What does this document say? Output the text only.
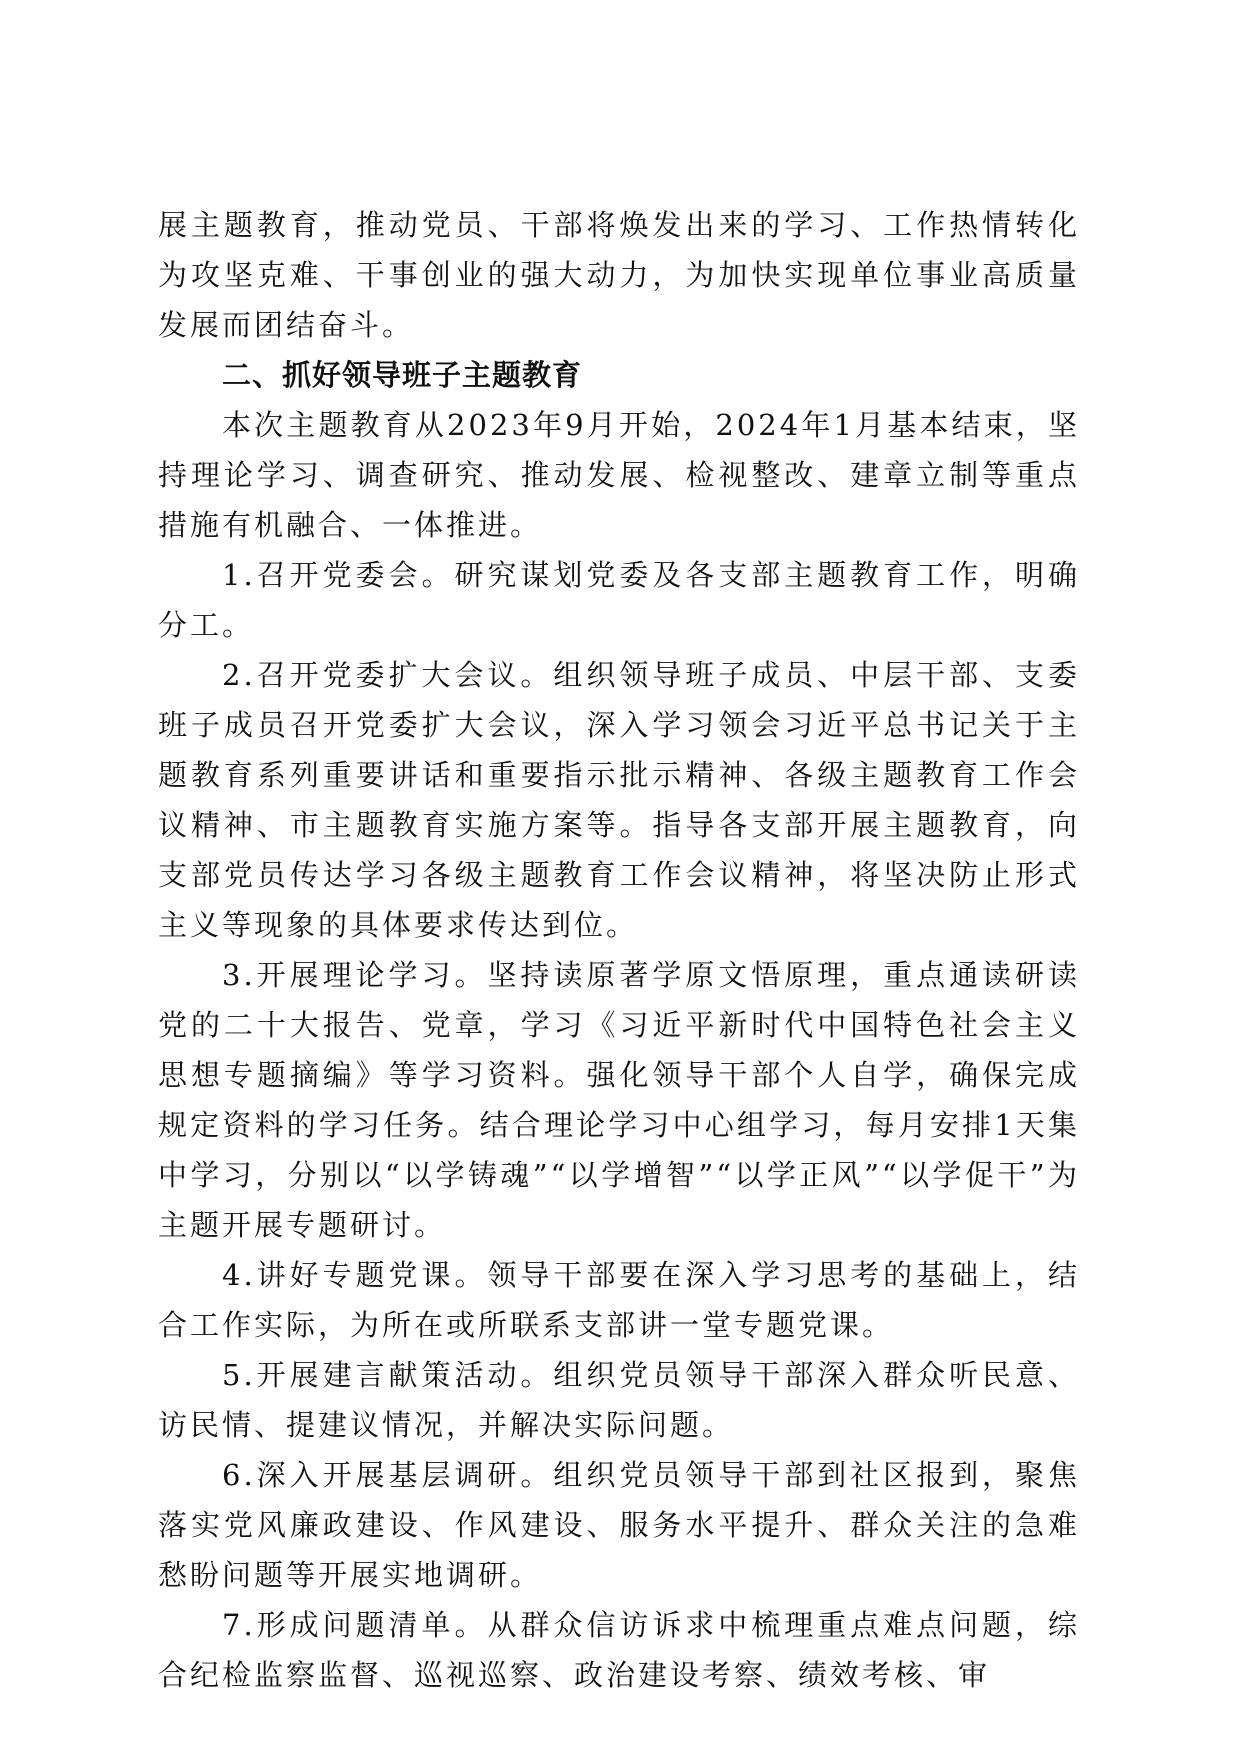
展主题教育，推动党员、干部将焕发出来的学习、工作热情转化为攻坚克难、干事创业的强大动力，为加快实现单位事业高质量发展而团结奋斗。

二、抓好领导班子主题教育

本次主题教育从2023年9月开始，2024年1月基本结束，坚持理论学习、调查研究、推动发展、检视整改、建章立制等重点措施有机融合、一体推进。

1.召开党委会。研究谋划党委及各支部主题教育工作，明确分工。

2.召开党委扩大会议。组织领导班子成员、中层干部、支委班子成员召开党委扩大会议，深入学习领会习近平总书记关于主题教育系列重要讲话和重要指示批示精神、各级主题教育工作会议精神、市主题教育实施方案等。指导各支部开展主题教育，向支部党员传达学习各级主题教育工作会议精神，将坚决防止形式主义等现象的具体要求传达到位。

3.开展理论学习。坚持读原著学原文悟原理，重点通读研读党的二十大报告、党章，学习《习近平新时代中国特色社会主义思想专题摘编》等学习资料。强化领导干部个人自学，确保完成规定资料的学习任务。结合理论学习中心组学习，每月安排1天集中学习，分别以“以学铸魂”“以学增智”“以学正风”“以学促干”为主题开展专题研讨。

4.讲好专题党课。领导干部要在深入学习思考的基础上，结合工作实际，为所在或所联系支部讲一堂专题党课。

5.开展建言献策活动。组织党员领导干部深入群众听民意、访民情、提建议情况，并解决实际问题。

6.深入开展基层调研。组织党员领导干部到社区报到，聚焦落实党风廉政建设、作风建设、服务水平提升、群众关注的急难愁盼问题等开展实地调研。

7.形成问题清单。从群众信访诉求中梳理重点难点问题，综合纪检监察监督、巡视巡察、政治建设考察、绩效考核、审
